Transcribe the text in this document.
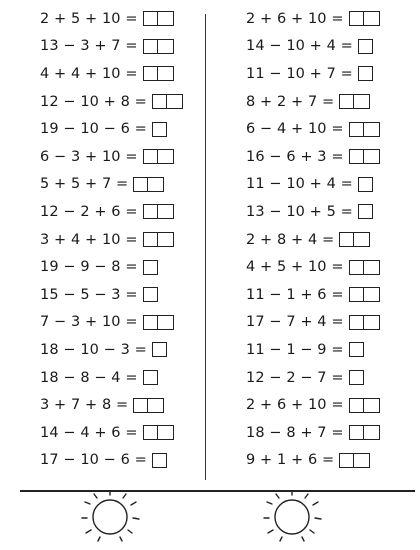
2 + 5 + 10 =
13 − 3 + 7 =
4 + 4 + 10 =
12 − 10 + 8 =
19 − 10 − 6 =
6 − 3 + 10 =
5 + 5 + 7 =
12 − 2 + 6 =
3 + 4 + 10 =
19 − 9 − 8 =
15 − 5 − 3 =
7 − 3 + 10 =
18 − 10 − 3 =
18 − 8 − 4 =
3 + 7 + 8 =
14 − 4 + 6 =
17 − 10 − 6 =
2 + 6 + 10 =
14 − 10 + 4 =
11 − 10 + 7 =
8 + 2 + 7 =
6 − 4 + 10 =
16 − 6 + 3 =
11 − 10 + 4 =
13 − 10 + 5 =
2 + 8 + 4 =
4 + 5 + 10 =
11 − 1 + 6 =
17 − 7 + 4 =
11 − 1 − 9 =
12 − 2 − 7 =
2 + 6 + 10 =
18 − 8 + 7 =
9 + 1 + 6 =
